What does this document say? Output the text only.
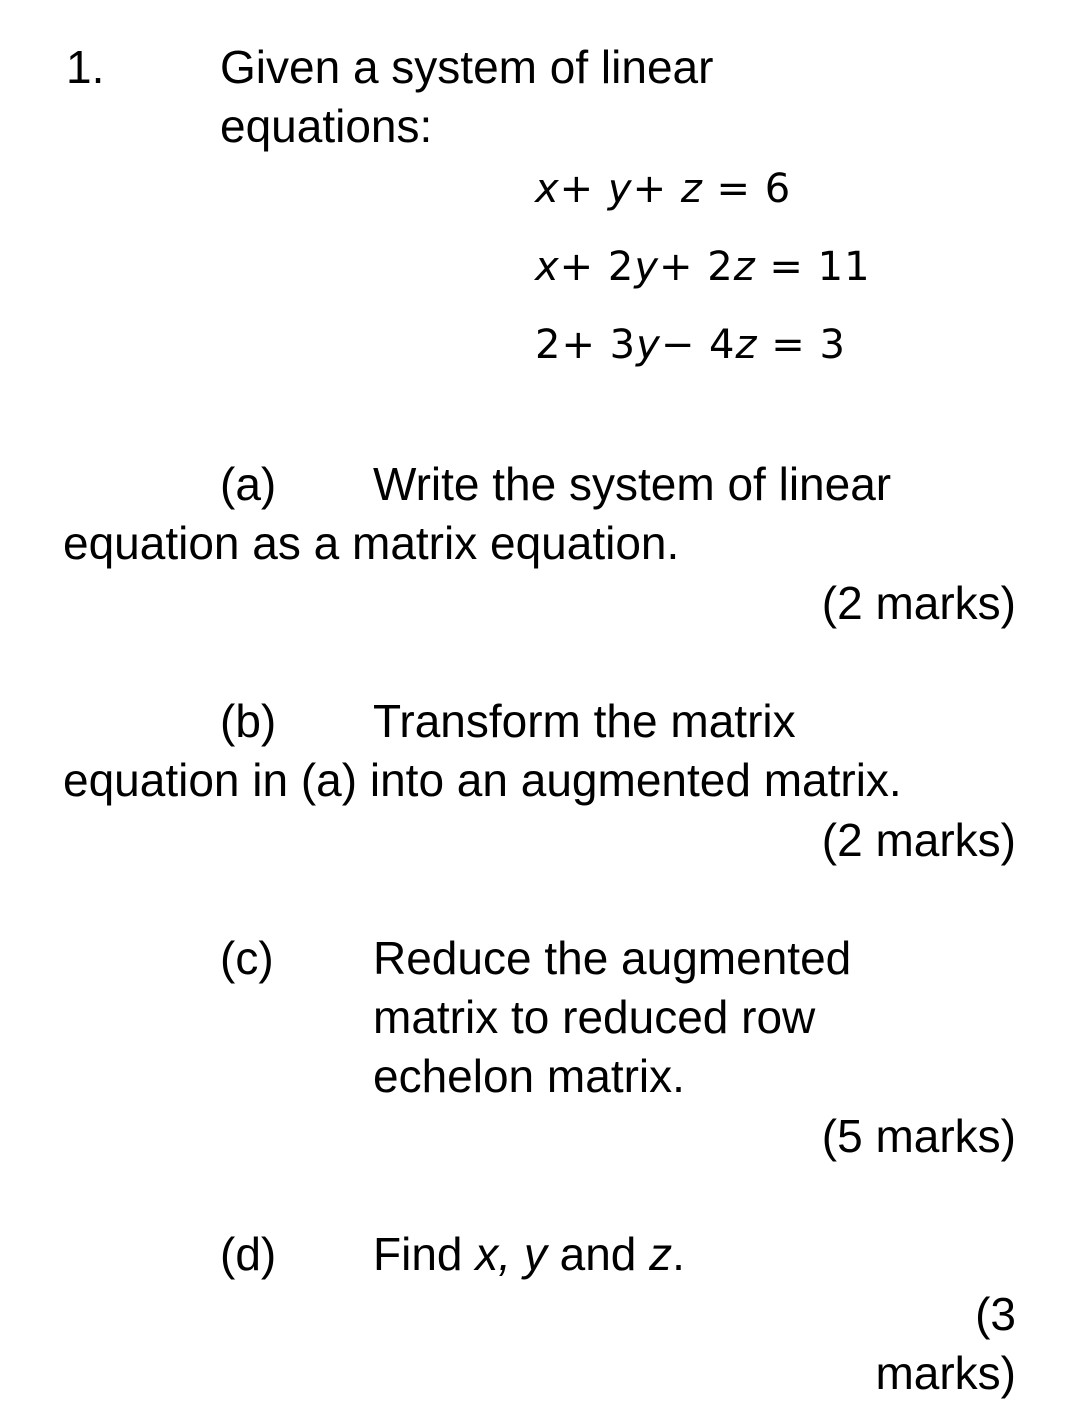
1.	Given a system of linear

equations:

x+ y+ z = 6
x+ 2y+ 2z = 11
2+ 3y− 4z = 3

(a) Write the system of linear

equation as a matrix equation.

(2 marks)

(b) Transform the matrix

equation in (a) into an augmented matrix.

(2 marks)

(c) Reduce the augmented

matrix to reduced row

echelon matrix.

(5 marks)

(d) Find x, y and z.

(3

marks)
